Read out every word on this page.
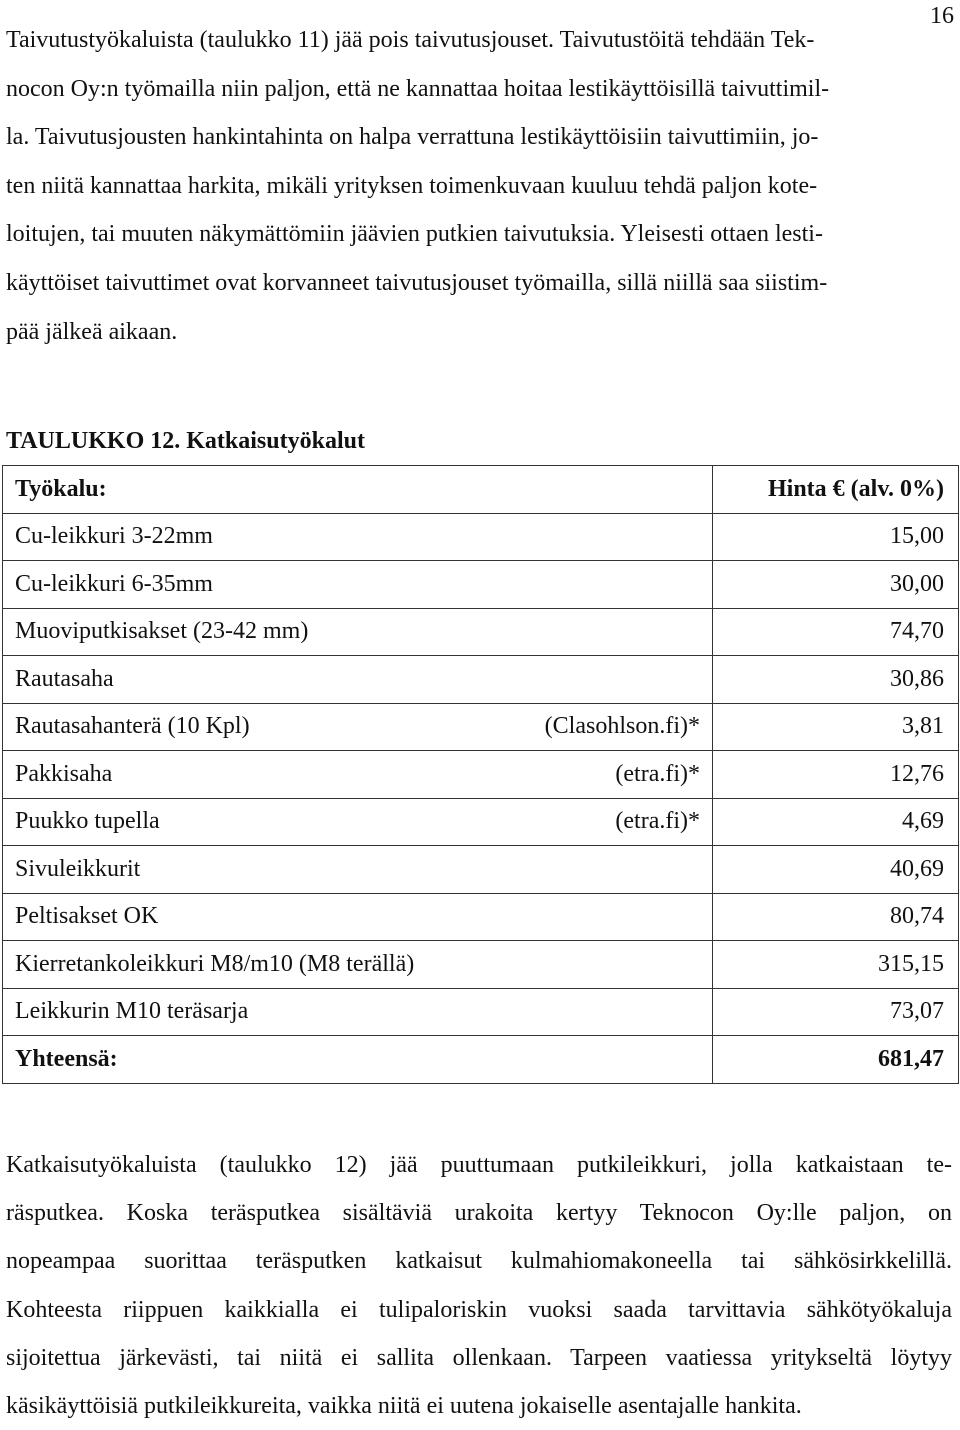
16
Taivutustyökaluista (taulukko 11) jää pois taivutusjouset. Taivutustöitä tehdään Tek-
nocon Oy:n työmailla niin paljon, että ne kannattaa hoitaa lestikäyttöisillä taivuttimil-
la. Taivutusjousten hankintahinta on halpa verrattuna lestikäyttöisiin taivuttimiin, jo-
ten niitä kannattaa harkita, mikäli yrityksen toimenkuvaan kuuluu tehdä paljon kote-
loitujen, tai muuten näkymättömiin jäävien putkien taivutuksia. Yleisesti ottaen lesti-
käyttöiset taivuttimet ovat korvanneet taivutusjouset työmailla, sillä niillä saa siistim-
pää jälkeä aikaan.
TAULUKKO 12. Katkaisutyökalut
Työkalu:	Hinta € (alv. 0%)

Cu-leikkuri 3-22mm	15,00

Cu-leikkuri 6-35mm	30,00

Muoviputkisakset (23-42 mm)	74,70

Rautasaha	30,86

Rautasahanterä (10 Kpl) (Clasohlson.fi)*	3,81

Pakkisaha (etra.fi)*	12,76

Puukko tupella (etra.fi)*	4,69

Sivuleikkurit	40,69

Peltisakset OK	80,74

Kierretankoleikkuri M8/m10 (M8 terällä)	315,15

Leikkurin M10 teräsarja	73,07
Yhteensä:	681,47
Katkaisutyökaluista (taulukko 12) jää puuttumaan putkileikkuri, jolla katkaistaan te-
räsputkea. Koska teräsputkea sisältäviä urakoita kertyy Teknocon Oy:lle paljon, on
nopeampaa suorittaa teräsputken katkaisut kulmahiomakoneella tai sähkösirkkelillä.
Kohteesta riippuen kaikkialla ei tulipaloriskin vuoksi saada tarvittavia sähkötyökaluja
sijoitettua järkevästi, tai niitä ei sallita ollenkaan. Tarpeen vaatiessa yritykseltä löytyy
käsikäyttöisiä putkileikkureita, vaikka niitä ei uutena jokaiselle asentajalle hankita.
